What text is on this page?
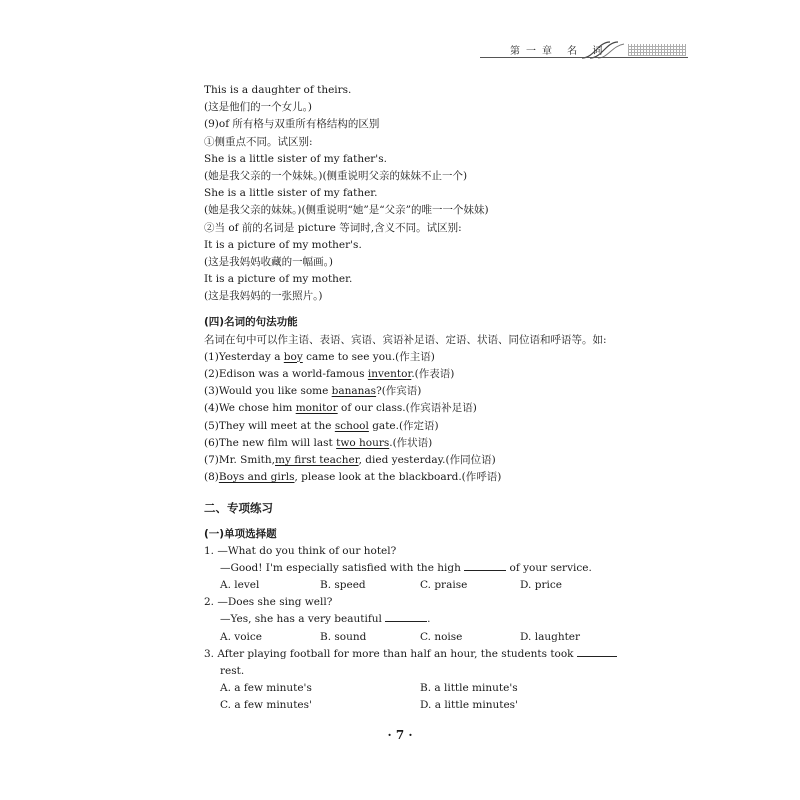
第一章 名 词
This is a daughter of theirs.
(这是他们的一个女儿。)
(9)of 所有格与双重所有格结构的区别
①侧重点不同。试区别:
She is a little sister of my father's.
(她是我父亲的一个妹妹。)(侧重说明父亲的妹妹不止一个)
She is a little sister of my father.
(她是我父亲的妹妹。)(侧重说明“她”是“父亲”的唯一一个妹妹)
②当 of 前的名词是 picture 等词时,含义不同。试区别:
It is a picture of my mother's.
(这是我妈妈收藏的一幅画。)
It is a picture of my mother.
(这是我妈妈的一张照片。)
(四)名词的句法功能
名词在句中可以作主语、表语、宾语、宾语补足语、定语、状语、同位语和呼语等。如:
(1)Yesterday a boy came to see you.(作主语)
(2)Edison was a world-famous inventor.(作表语)
(3)Would you like some bananas?(作宾语)
(4)We chose him monitor of our class.(作宾语补足语)
(5)They will meet at the school gate.(作定语)
(6)The new film will last two hours.(作状语)
(7)Mr. Smith,my first teacher, died yesterday.(作同位语)
(8)Boys and girls, please look at the blackboard.(作呼语)
二、专项练习
(一)单项选择题
1. —What do you think of our hotel?
—Good! I'm especially satisfied with the high	of your service.
A. level	B. speed	C. praise	D. price
2. —Does she sing well?
—Yes, she has a very beautiful	.
A. voice	B. sound	C. noise	D. laughter
3. After playing football for more than half an hour, the students took
rest.
A. a few minute's	B. a little minute's
C. a few minutes'	D. a little minutes'
· 7 ·
